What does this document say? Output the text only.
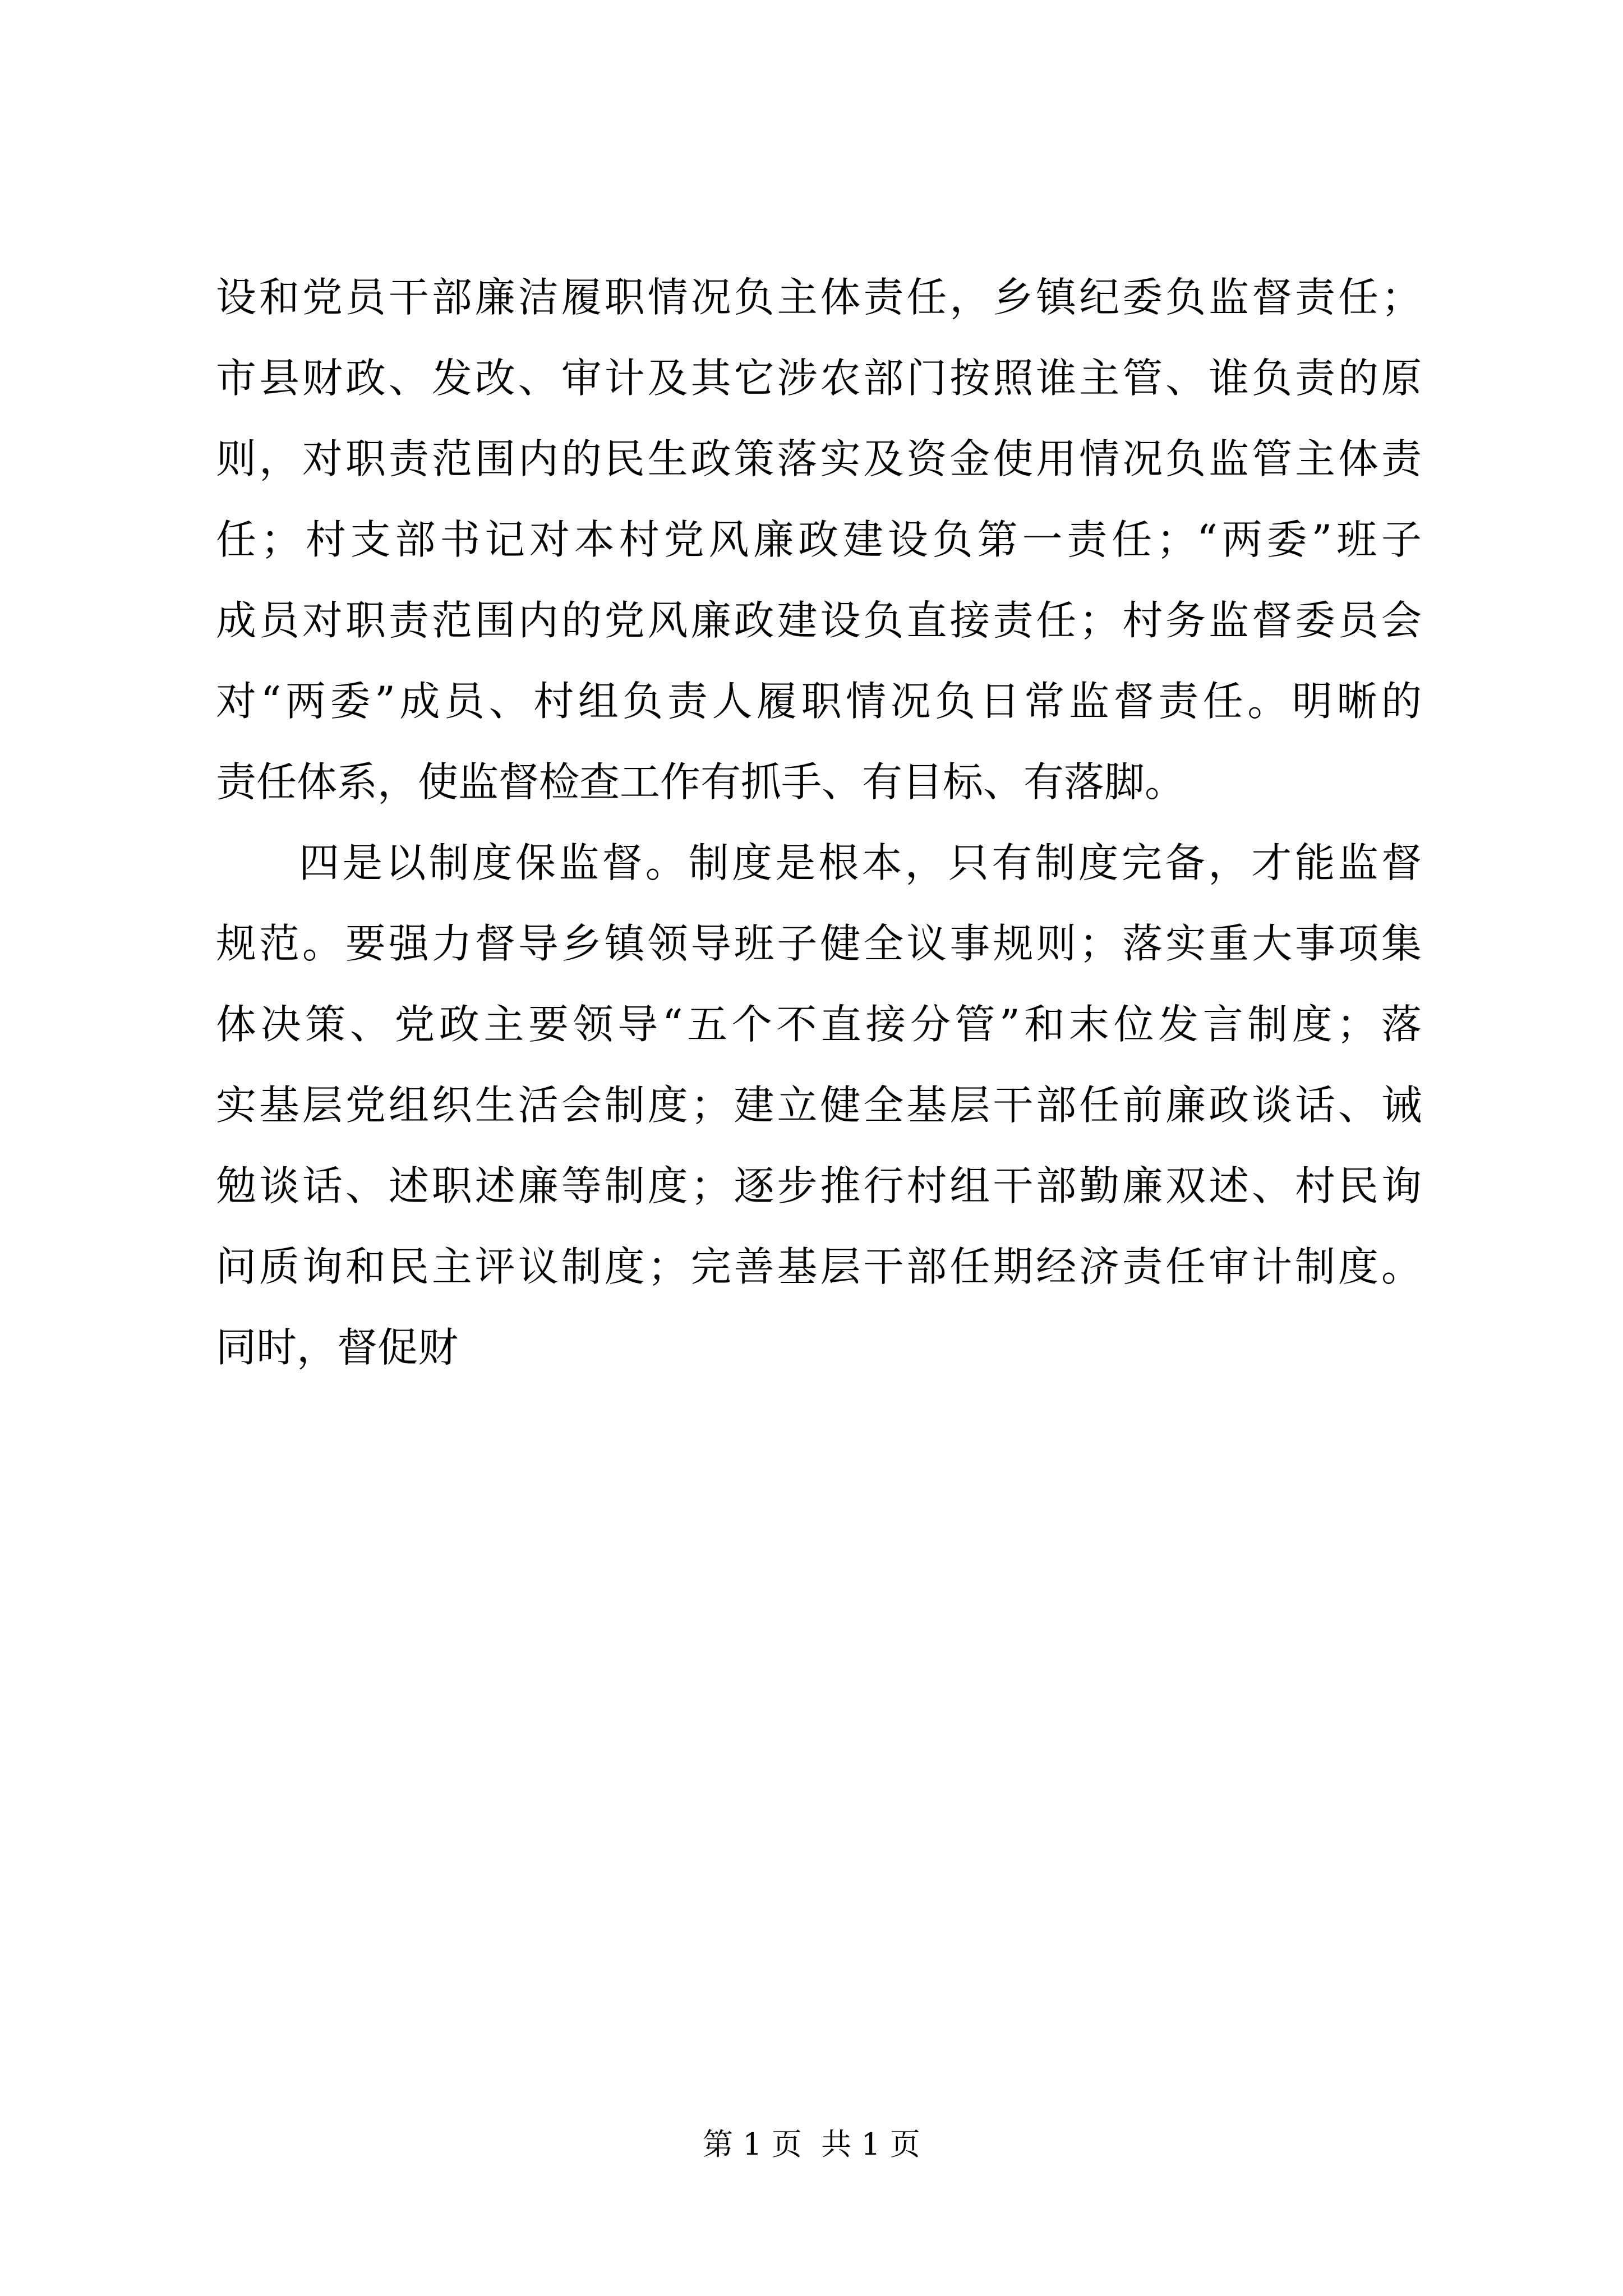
设和党员干部廉洁履职情况负主体责任，乡镇纪委负监督责任；
市县财政、发改、审计及其它涉农部门按照谁主管、谁负责的原
则，对职责范围内的民生政策落实及资金使用情况负监管主体责
任；村支部书记对本村党风廉政建设负第一责任；“两委”班子
成员对职责范围内的党风廉政建设负直接责任；村务监督委员会
对“两委”成员、村组负责人履职情况负日常监督责任。明晰的
责任体系，使监督检查工作有抓手、有目标、有落脚。
四是以制度保监督。制度是根本，只有制度完备，才能监督
规范。要强力督导乡镇领导班子健全议事规则；落实重大事项集
体决策、党政主要领导“五个不直接分管”和末位发言制度；落
实基层党组织生活会制度；建立健全基层干部任前廉政谈话、诫
勉谈话、述职述廉等制度；逐步推行村组干部勤廉双述、村民询
问质询和民主评议制度；完善基层干部任期经济责任审计制度。
同时，督促财
第 1 页  共 1 页
